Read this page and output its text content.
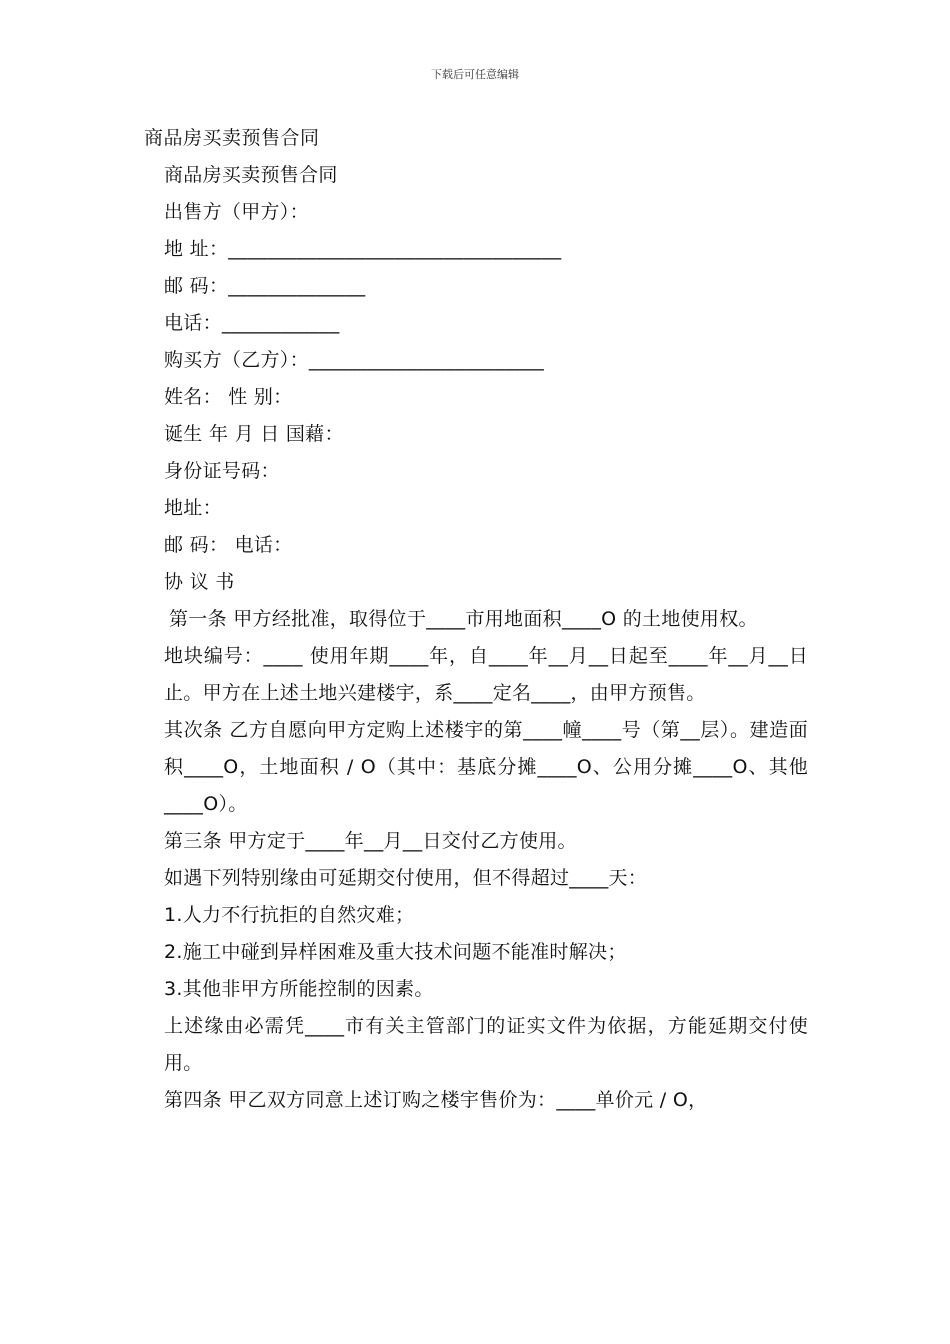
下载后可任意编辑
商品房买卖预售合同
商品房买卖预售合同
出售方（甲方）：
地 址：__________________________________
邮 码：______________
电话：____________
购买方（乙方）：________________________
姓名： 性 别：
诞生 年 月 日 国藉：
身份证号码：
地址：
邮 码： 电话：
协 议 书
第一条 甲方经批准，取得位于____市用地面积____O 的土地使用权。
地块编号：____ 使用年期____年，自____年__月__日起至____年__月__日止。甲方在上述土地兴建楼宇，系____定名____，由甲方预售。
其次条 乙方自愿向甲方定购上述楼宇的第____幢____号（第__层）。建造面积____O，土地面积 / O（其中：基底分摊____O、公用分摊____O、其他____O）。
第三条 甲方定于____年__月__日交付乙方使用。
如遇下列特别缘由可延期交付使用，但不得超过____天：
1.人力不行抗拒的自然灾难；
2.施工中碰到异样困难及重大技术问题不能准时解决；
3.其他非甲方所能控制的因素。
上述缘由必需凭____市有关主管部门的证实文件为依据，方能延期交付使用。
第四条 甲乙双方同意上述订购之楼宇售价为：____单价元 / O，
